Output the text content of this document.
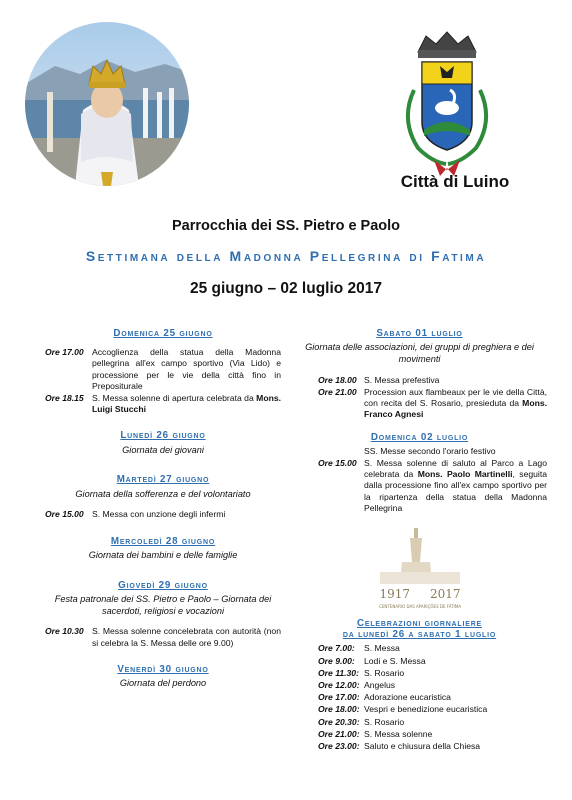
Città di Luino
Parrocchia dei SS. Pietro e Paolo
Settimana della Madonna Pellegrina di Fatima
25 giugno – 02 luglio 2017
Domenica 25 giugno
Ore 17.00 Accoglienza della statua della Madonna pellegrina all'ex campo sportivo (Via Lido) e processione per le vie della città fino in Prepositurale
Ore 18.15 S. Messa solenne di apertura celebrata da Mons. Luigi Stucchi
Lunedì 26 giugno
Giornata dei giovani
Martedì 27 giugno
Giornata della sofferenza e del volontariato
Ore 15.00 S. Messa con unzione degli infermi
Mercoledì 28 giugno
Giornata dei bambini e delle famiglie
Giovedì 29 giugno
Festa patronale dei SS. Pietro e Paolo – Giornata dei sacerdoti, religiosi e vocazioni
Ore 10.30 S. Messa solenne concelebrata con autorità (non si celebra la S. Messa delle ore 9.00)
Venerdì 30 giugno
Giornata del perdono
Sabato 01 luglio
Giornata delle associazioni, dei gruppi di preghiera e dei movimenti
Ore 18.00 S. Messa prefestiva
Ore 21.00 Procession aux flambeaux per le vie della Città, con recita del S. Rosario, presieduta da Mons. Franco Agnesi
Domenica 02 luglio
SS. Messe secondo l'orario festivo
Ore 15.00 S. Messa solenne di saluto al Parco a Lago celebrata da Mons. Paolo Martinelli, seguita dalla processione fino all'ex campo sportivo per la ripartenza della statua della Madonna Pellegrina
1917 2017
CENTENARIO DAS APARIÇÕES DE FÁTIMA
Celebrazioni giornaliere
da lunedì 26 a sabato 1 luglio
Ore 7.00:	S. Messa
Ore 9.00:	Lodi e S. Messa
Ore 11.30: S. Rosario
Ore 12.00: Angelus
Ore 17.00: Adorazione eucaristica
Ore 18.00: Vespri e benedizione eucaristica
Ore 20.30: S. Rosario
Ore 21.00: S. Messa solenne
Ore 23.00: Saluto e chiusura della Chiesa
